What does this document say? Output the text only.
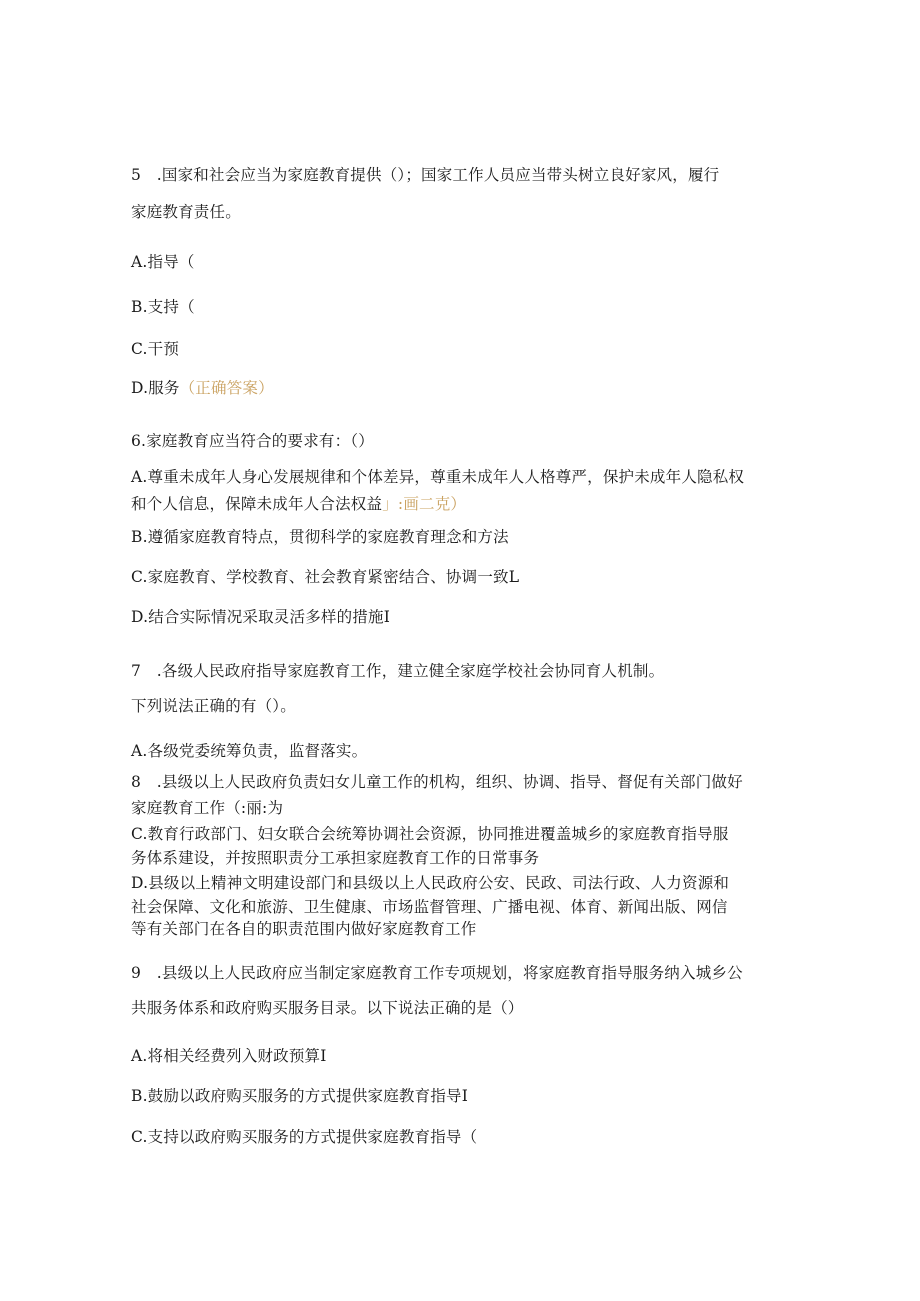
5　.国家和社会应当为家庭教育提供（）；国家工作人员应当带头树立良好家风，履行
家庭教育责任。
A.指导（
B.支持（
C.干预
D.服务（正确答案）
6.家庭教育应当符合的要求有：（）
A.尊重未成年人身心发展规律和个体差异，尊重未成年人人格尊严，保护未成年人隐私权
和个人信息，保障未成年人合法权益」:画二克）
B.遵循家庭教育特点，贯彻科学的家庭教育理念和方法
C.家庭教育、学校教育、社会教育紧密结合、协调一致L
D.结合实际情况采取灵活多样的措施I
7　.各级人民政府指导家庭教育工作，建立健全家庭学校社会协同育人机制。
下列说法正确的有（）。
A.各级党委统筹负责，监督落实。
8　.县级以上人民政府负责妇女儿童工作的机构，组织、协调、指导、督促有关部门做好
家庭教育工作（:丽:为
C.教育行政部门、妇女联合会统筹协调社会资源，协同推进覆盖城乡的家庭教育指导服
务体系建设，并按照职责分工承担家庭教育工作的日常事务
D.县级以上精神文明建设部门和县级以上人民政府公安、民政、司法行政、人力资源和
社会保障、文化和旅游、卫生健康、市场监督管理、广播电视、体育、新闻出版、网信
等有关部门在各自的职责范围内做好家庭教育工作
9　.县级以上人民政府应当制定家庭教育工作专项规划，将家庭教育指导服务纳入城乡公
共服务体系和政府购买服务目录。以下说法正确的是（）
A.将相关经费列入财政预算I
B.鼓励以政府购买服务的方式提供家庭教育指导I
C.支持以政府购买服务的方式提供家庭教育指导（
